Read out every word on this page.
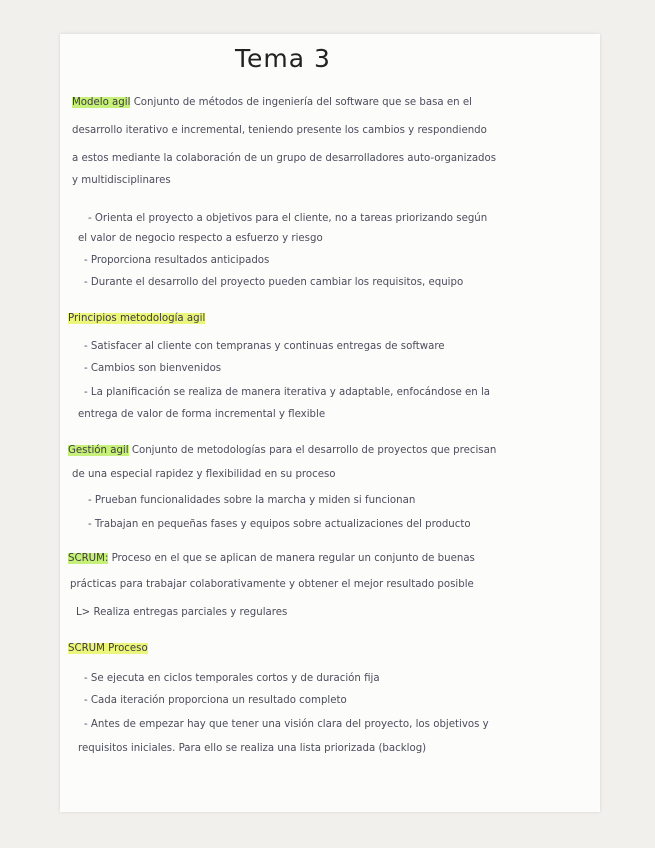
Tema 3
Modelo agil Conjunto de métodos de ingeniería del software que se basa en el
desarrollo iterativo e incremental, teniendo presente los cambios y respondiendo
a estos mediante la colaboración de un grupo de desarrolladores auto-organizados
y multidisciplinares
- Orienta el proyecto a objetivos para el cliente, no a tareas priorizando según
el valor de negocio respecto a esfuerzo y riesgo
- Proporciona resultados anticipados
- Durante el desarrollo del proyecto pueden cambiar los requisitos, equipo
Principios metodología agil
- Satisfacer al cliente con tempranas y continuas entregas de software
- Cambios son bienvenidos
- La planificación se realiza de manera iterativa y adaptable, enfocándose en la
entrega de valor de forma incremental y flexible
Gestión agil Conjunto de metodologías para el desarrollo de proyectos que precisan
de una especial rapidez y flexibilidad en su proceso
- Prueban funcionalidades sobre la marcha y miden si funcionan
- Trabajan en pequeñas fases y equipos sobre actualizaciones del producto
SCRUM: Proceso en el que se aplican de manera regular un conjunto de buenas
prácticas para trabajar colaborativamente y obtener el mejor resultado posible
L> Realiza entregas parciales y regulares
SCRUM Proceso
- Se ejecuta en ciclos temporales cortos y de duración fija
- Cada iteración proporciona un resultado completo
- Antes de empezar hay que tener una visión clara del proyecto, los objetivos y
requisitos iniciales. Para ello se realiza una lista priorizada (backlog)
